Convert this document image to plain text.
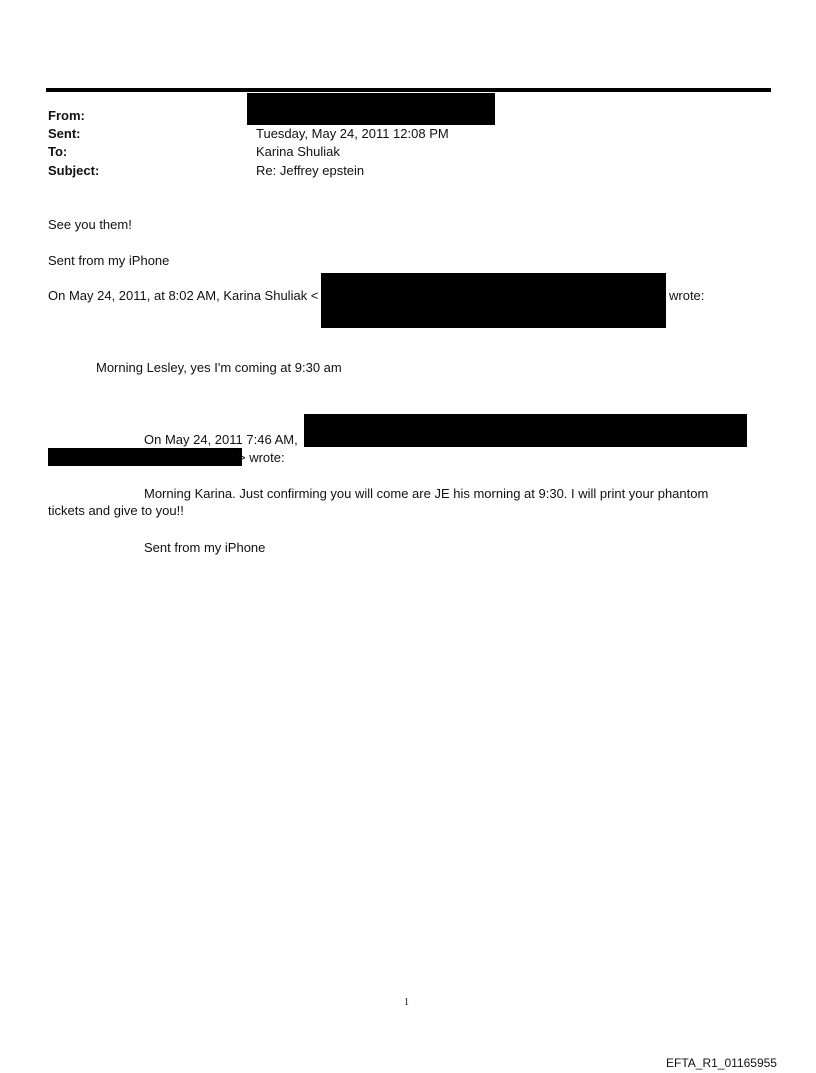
From:
Sent:
To:
Subject:
Tuesday, May 24, 2011 12:08 PM
Karina Shuliak
Re: Jeffrey epstein
See you them!
Sent from my iPhone
On May 24, 2011, at 8:02 AM, Karina Shuliak <	wrote:
Morning Lesley, yes I'm coming at 9:30 am
On May 24, 2011 7:46 AM,
> wrote:
Morning Karina. Just confirming you will come are JE his morning at 9:30. I will print your phantom
tickets and give to you!!
Sent from my iPhone
1
EFTA_R1_01165955
